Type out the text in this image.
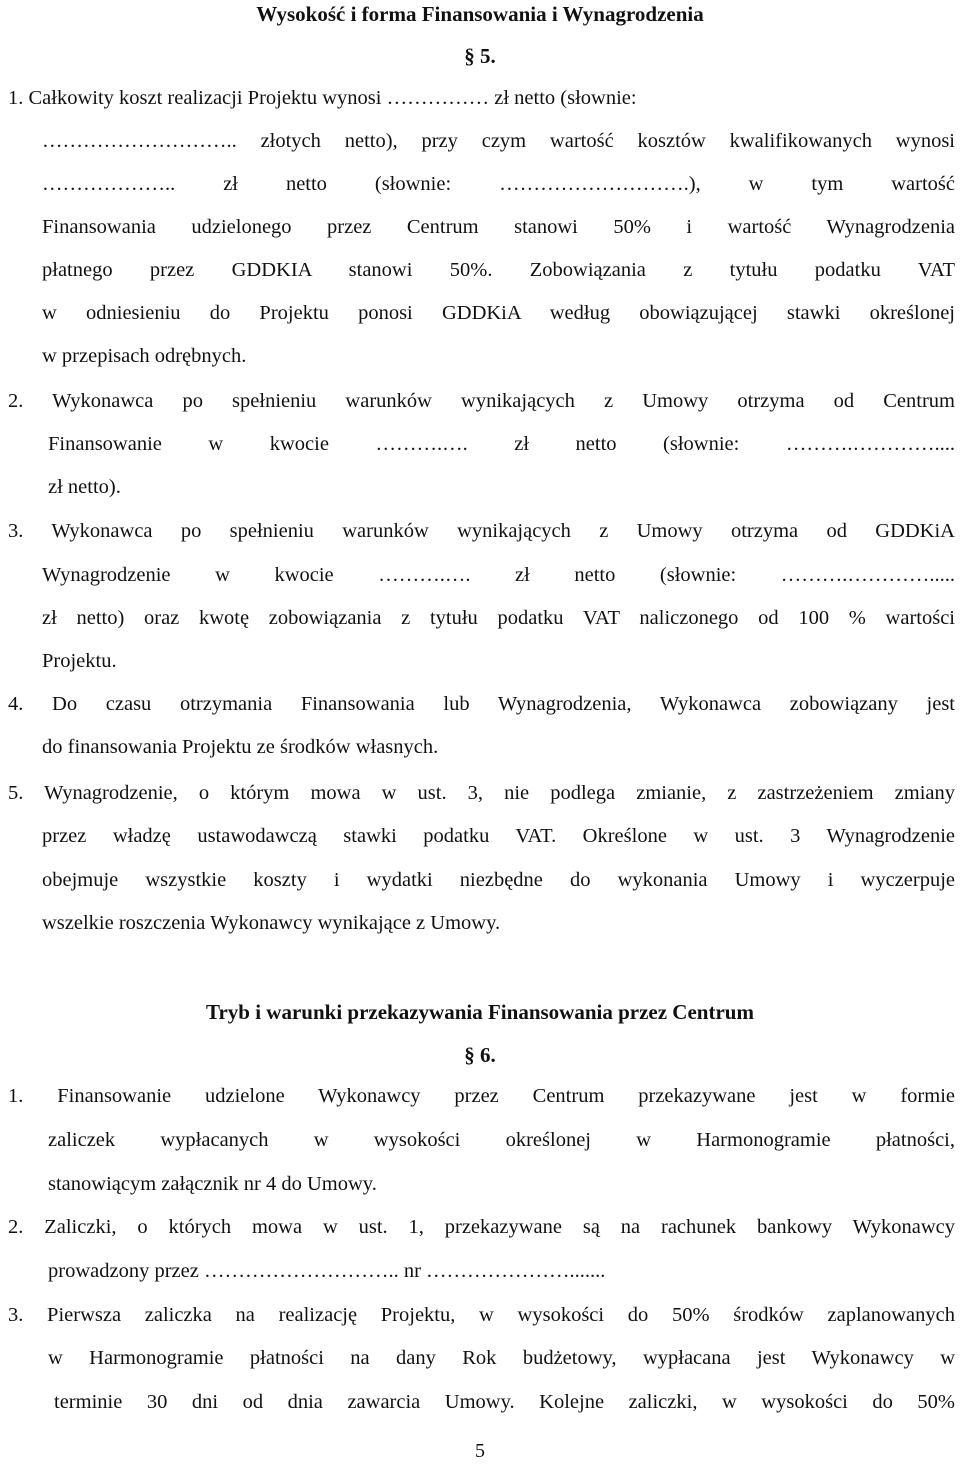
Wysokość i forma Finansowania i Wynagrodzenia
§ 5.
1. Całkowity koszt realizacji Projektu wynosi …………… zł netto (słownie:
……………………….. złotych netto), przy czym wartość kosztów kwalifikowanych wynosi
……………….. zł netto (słownie: ……………………….), w tym wartość
Finansowania udzielonego przez Centrum stanowi 50% i wartość Wynagrodzenia
płatnego przez GDDKIA stanowi 50%. Zobowiązania z tytułu podatku VAT
w odniesieniu do Projektu ponosi GDDKiA według obowiązującej stawki określonej
w przepisach odrębnych.
2. Wykonawca po spełnieniu warunków wynikających z Umowy otrzyma od Centrum
Finansowanie w kwocie ……….…. zł netto (słownie: ……….…………....
zł netto).
3. Wykonawca po spełnieniu warunków wynikających z Umowy otrzyma od GDDKiA
Wynagrodzenie w kwocie ……….…. zł netto (słownie: ……….………….....
zł netto) oraz kwotę zobowiązania z tytułu podatku VAT naliczonego od 100 % wartości
Projektu.
4. Do czasu otrzymania Finansowania lub Wynagrodzenia, Wykonawca zobowiązany jest
do finansowania Projektu ze środków własnych.
5. Wynagrodzenie, o którym mowa w ust. 3, nie podlega zmianie, z zastrzeżeniem zmiany
przez władzę ustawodawczą stawki podatku VAT. Określone w ust. 3 Wynagrodzenie
obejmuje wszystkie koszty i wydatki niezbędne do wykonania Umowy i wyczerpuje
wszelkie roszczenia Wykonawcy wynikające z Umowy.
Tryb i warunki przekazywania Finansowania przez Centrum
§ 6.
1. Finansowanie udzielone Wykonawcy przez Centrum przekazywane jest w formie
zaliczek wypłacanych w wysokości określonej w Harmonogramie płatności,
stanowiącym załącznik nr 4 do Umowy.
2. Zaliczki, o których mowa w ust. 1, przekazywane są na rachunek bankowy Wykonawcy
prowadzony przez ……………………….. nr ………………….......
3. Pierwsza zaliczka na realizację Projektu, w wysokości do 50% środków zaplanowanych
w Harmonogramie płatności na dany Rok budżetowy, wypłacana jest Wykonawcy w
terminie 30 dni od dnia zawarcia Umowy. Kolejne zaliczki, w wysokości do 50%
5
